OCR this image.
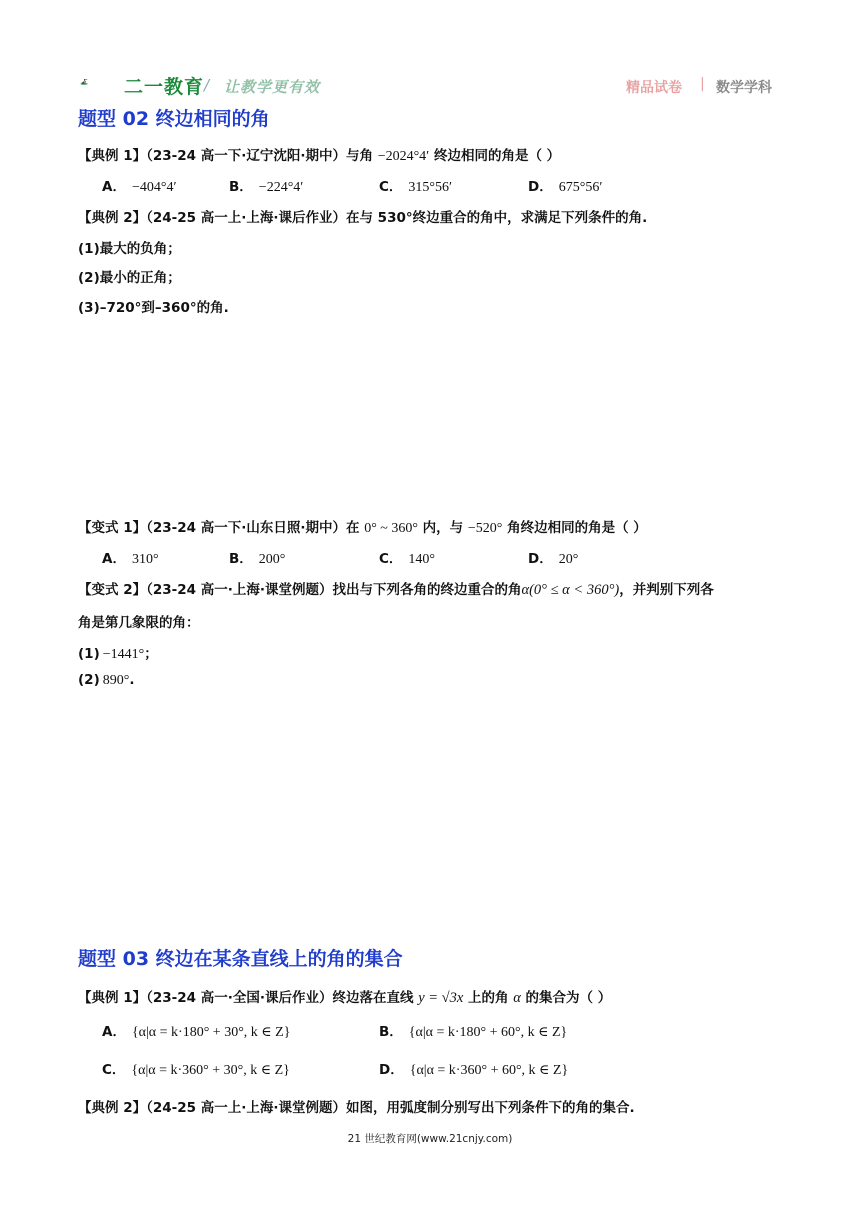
二一教育 / 让教学更有效	精品试卷 | 数学学科
题型 02 终边相同的角
【典例 1】（23-24 高一下·辽宁沈阳·期中）与角 −2024°4′ 终边相同的角是（ ）
A． −404°4′	B． −224°4′	C． 315°56′	D． 675°56′
【典例 2】（24-25 高一上·上海·课后作业）在与 530°终边重合的角中，求满足下列条件的角.
(1)最大的负角；
(2)最小的正角；
(3)–720°到–360°的角.
【变式 1】（23-24 高一下·山东日照·期中）在 0° ~ 360° 内，与 −520° 角终边相同的角是（ ）
A． 310°	B． 200°	C． 140°	D． 20°
【变式 2】（23-24 高一·上海·课堂例题）找出与下列各角的终边重合的角α(0° ≤ α < 360°)，并判别下列各
角是第几象限的角：
(1) −1441°；
(2) 890°.
题型 03 终边在某条直线上的角的集合
【典例 1】（23-24 高一·全国·课后作业）终边落在直线 y = √3x 上的角 α 的集合为（ ）
A． {α|α = k·180° + 30°, k ∈ Z}	B． {α|α = k·180° + 60°, k ∈ Z}
C． {α|α = k·360° + 30°, k ∈ Z}	D． {α|α = k·360° + 60°, k ∈ Z}
【典例 2】（24-25 高一上·上海·课堂例题）如图，用弧度制分别写出下列条件下的角的集合.
21 世纪教育网(www.21cnjy.com)
